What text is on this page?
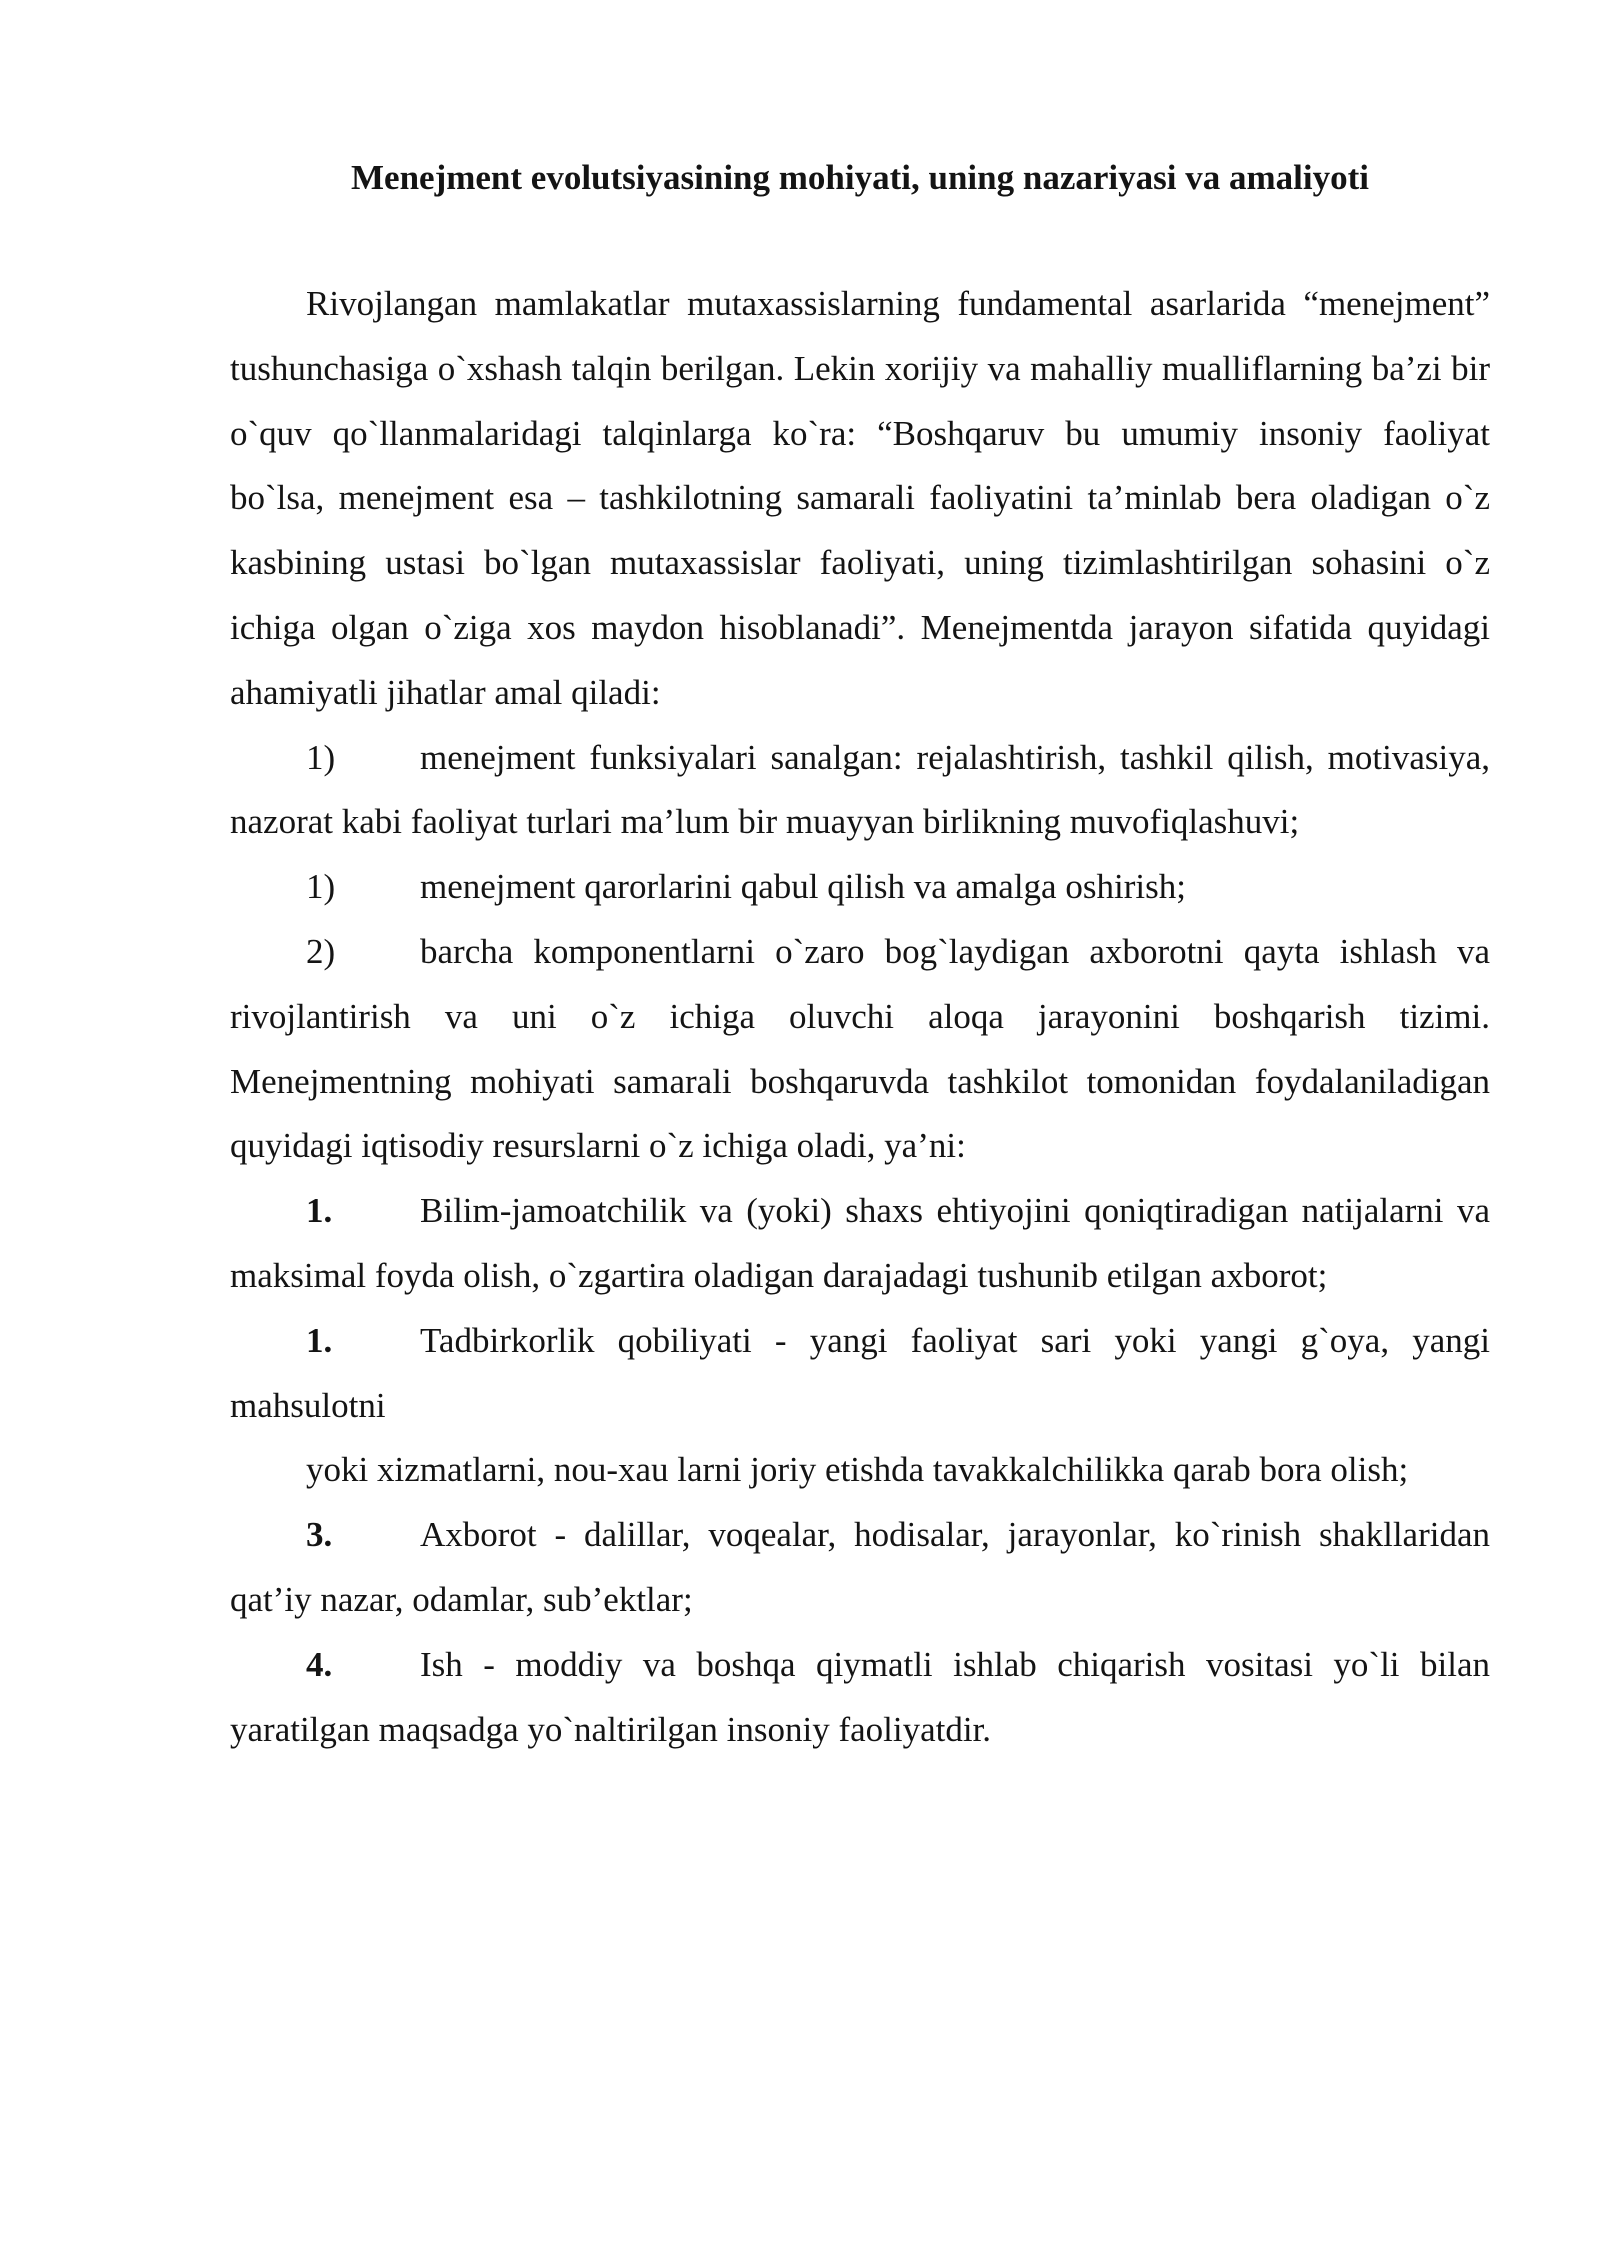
Menejment evolutsiyasining mohiyati, uning nazariyasi va amaliyoti

Rivojlangan mamlakatlar mutaxassislarning fundamental asarlarida “menejment” tushunchasiga o`xshash talqin berilgan. Lekin xorijiy va mahalliy mualliflarning ba’zi bir o`quv qo`llanmalaridagi talqinlarga ko`ra: “Boshqaruv bu umumiy insoniy faoliyat bo`lsa, menejment esa – tashkilotning samarali faoliyatini ta’minlab bera oladigan o`z kasbining ustasi bo`lgan mutaxassislar faoliyati, uning tizimlashtirilgan sohasini o`z ichiga olgan o`ziga xos maydon hisoblanadi”. Menejmentda jarayon sifatida quyidagi ahamiyatli jihatlar amal qiladi:

1) menejment funksiyalari sanalgan: rejalashtirish, tashkil qilish, motivasiya, nazorat kabi faoliyat turlari ma’lum bir muayyan birlikning muvofiqlashuvi;

1) menejment qarorlarini qabul qilish va amalga oshirish;

2) barcha komponentlarni o`zaro bog`laydigan axborotni qayta ishlash va rivojlantirish va uni o`z ichiga oluvchi aloqa jarayonini boshqarish tizimi. Menejmentning mohiyati samarali boshqaruvda tashkilot tomonidan foydalaniladigan quyidagi iqtisodiy resurslarni o`z ichiga oladi, ya’ni:

1.	Bilim-jamoatchilik va (yoki) shaxs ehtiyojini qoniqtiradigan natijalarni va maksimal foyda olish, o`zgartira oladigan darajadagi tushunib etilgan axborot;

1.	Tadbirkorlik qobiliyati - yangi faoliyat sari yoki yangi g`oya, yangi mahsulotni

yoki xizmatlarni, nou-xau larni joriy etishda tavakkalchilikka qarab bora olish;

3.	Axborot - dalillar, voqealar, hodisalar, jarayonlar, ko`rinish shakllaridan qat’iy nazar, odamlar, sub’ektlar;

4.	Ish - moddiy va boshqa qiymatli ishlab chiqarish vositasi yo`li bilan yaratilgan maqsadga yo`naltirilgan insoniy faoliyatdir.
